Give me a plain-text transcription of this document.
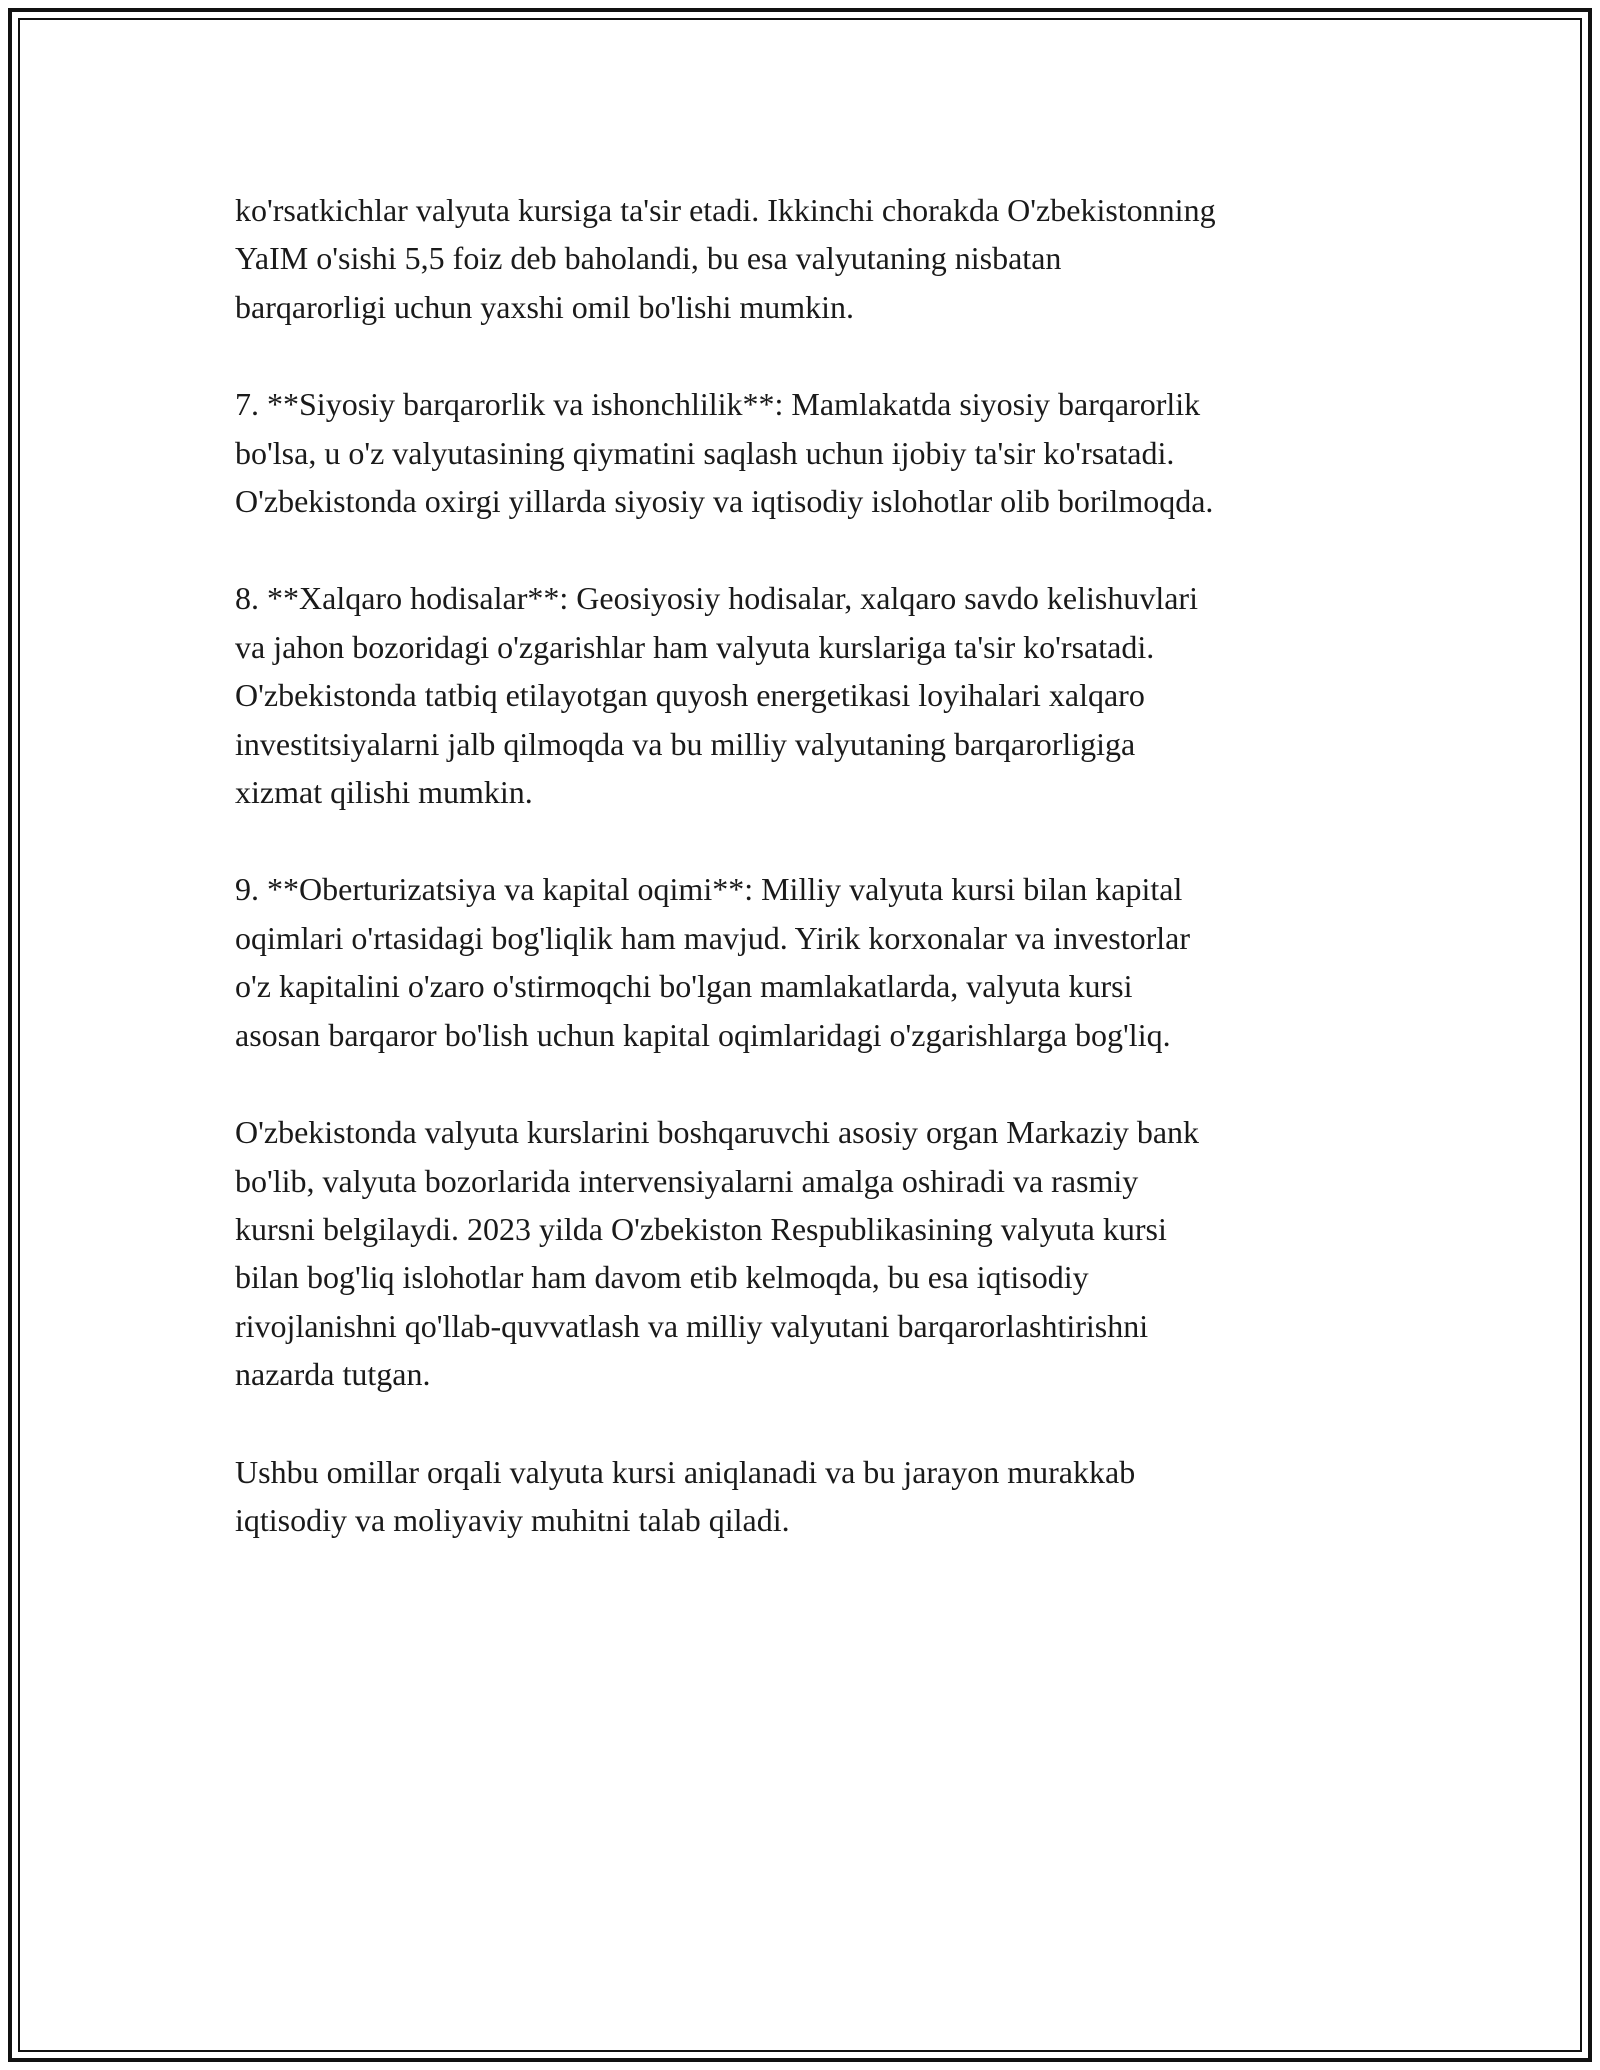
ko'rsatkichlar valyuta kursiga ta'sir etadi. Ikkinchi chorakda O'zbekistonning
YaIM o'sishi 5,5 foiz deb baholandi, bu esa valyutaning nisbatan
barqarorligi uchun yaxshi omil bo'lishi mumkin.

7. **Siyosiy barqarorlik va ishonchlilik**: Mamlakatda siyosiy barqarorlik
bo'lsa, u o'z valyutasining qiymatini saqlash uchun ijobiy ta'sir ko'rsatadi.
O'zbekistonda oxirgi yillarda siyosiy va iqtisodiy islohotlar olib borilmoqda.

8. **Xalqaro hodisalar**: Geosiyosiy hodisalar, xalqaro savdo kelishuvlari
va jahon bozoridagi o'zgarishlar ham valyuta kurslariga ta'sir ko'rsatadi.
O'zbekistonda tatbiq etilayotgan quyosh energetikasi loyihalari xalqaro
investitsiyalarni jalb qilmoqda va bu milliy valyutaning barqarorligiga
xizmat qilishi mumkin.

9. **Oberturizatsiya va kapital oqimi**: Milliy valyuta kursi bilan kapital
oqimlari o'rtasidagi bog'liqlik ham mavjud. Yirik korxonalar va investorlar
o'z kapitalini o'zaro o'stirmoqchi bo'lgan mamlakatlarda, valyuta kursi
asosan barqaror bo'lish uchun kapital oqimlaridagi o'zgarishlarga bog'liq.

O'zbekistonda valyuta kurslarini boshqaruvchi asosiy organ Markaziy bank
bo'lib, valyuta bozorlarida intervensiyalarni amalga oshiradi va rasmiy
kursni belgilaydi. 2023 yilda O'zbekiston Respublikasining valyuta kursi
bilan bog'liq islohotlar ham davom etib kelmoqda, bu esa iqtisodiy
rivojlanishni qo'llab-quvvatlash va milliy valyutani barqarorlashtirishni
nazarda tutgan.

Ushbu omillar orqali valyuta kursi aniqlanadi va bu jarayon murakkab
iqtisodiy va moliyaviy muhitni talab qiladi.
